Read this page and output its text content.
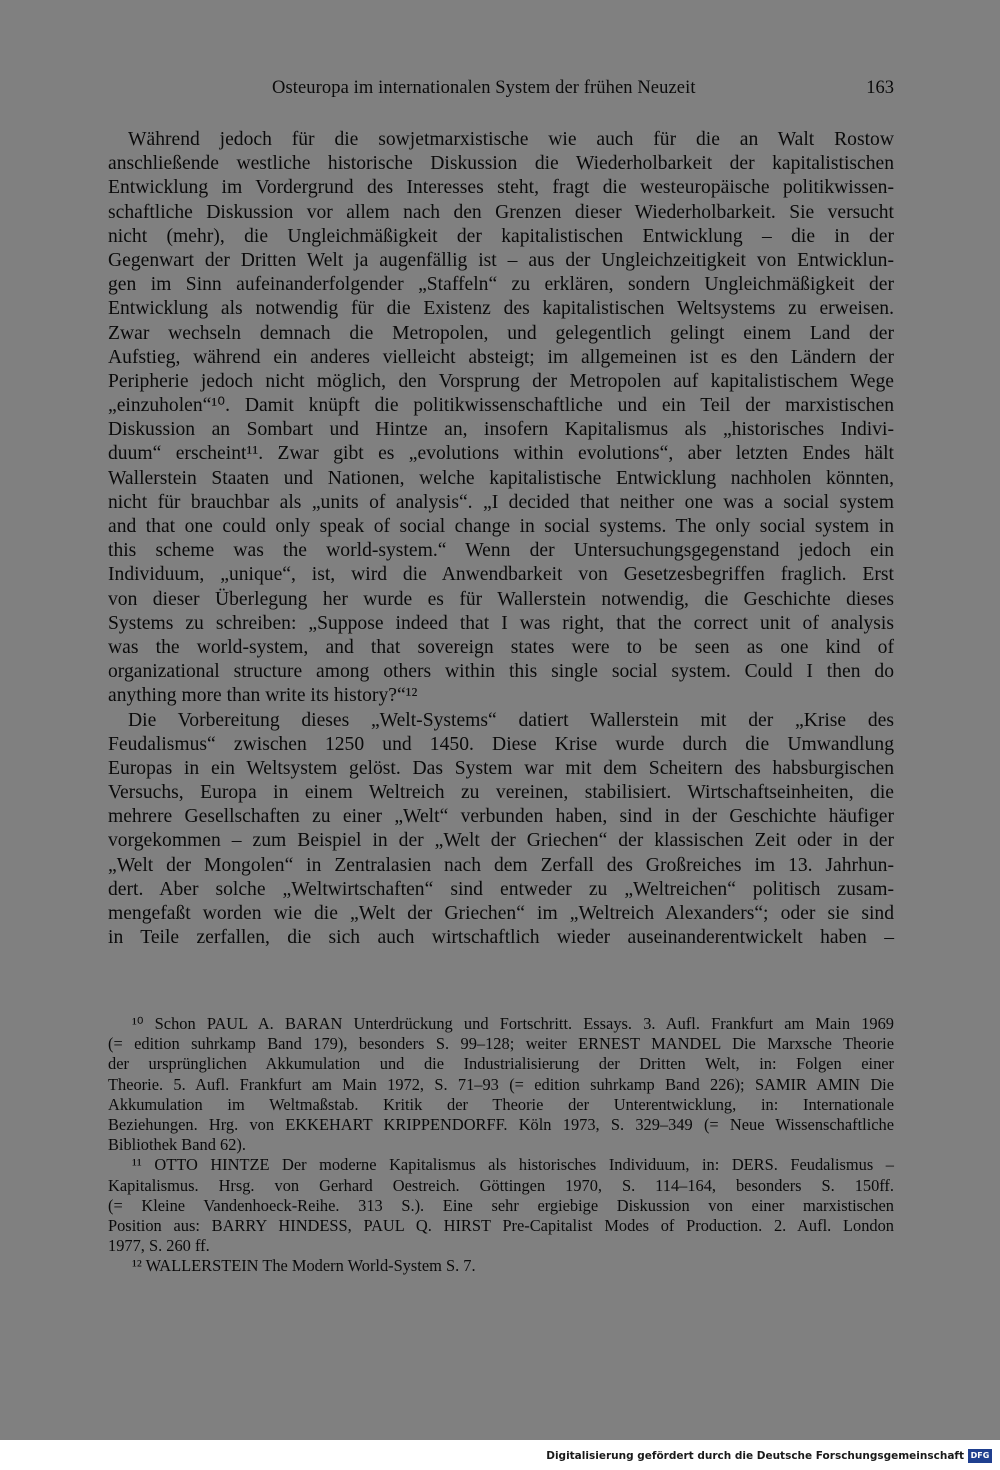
Osteuropa im internationalen System der frühen Neuzeit	163
Während jedoch für die sowjetmarxistische wie auch für die an Walt Rostow
anschließende westliche historische Diskussion die Wiederholbarkeit der kapitalistischen
Entwicklung im Vordergrund des Interesses steht, fragt die westeuropäische politikwissen-
schaftliche Diskussion vor allem nach den Grenzen dieser Wiederholbarkeit. Sie versucht
nicht (mehr), die Ungleichmäßigkeit der kapitalistischen Entwicklung – die in der
Gegenwart der Dritten Welt ja augenfällig ist – aus der Ungleichzeitigkeit von Entwicklun-
gen im Sinn aufeinanderfolgender „Staffeln“ zu erklären, sondern Ungleichmäßigkeit der
Entwicklung als notwendig für die Existenz des kapitalistischen Weltsystems zu erweisen.
Zwar wechseln demnach die Metropolen, und gelegentlich gelingt einem Land der
Aufstieg, während ein anderes vielleicht absteigt; im allgemeinen ist es den Ländern der
Peripherie jedoch nicht möglich, den Vorsprung der Metropolen auf kapitalistischem Wege
„einzuholen“¹⁰. Damit knüpft die politikwissenschaftliche und ein Teil der marxistischen
Diskussion an Sombart und Hintze an, insofern Kapitalismus als „historisches Indivi-
duum“ erscheint¹¹. Zwar gibt es „evolutions within evolutions“, aber letzten Endes hält
Wallerstein Staaten und Nationen, welche kapitalistische Entwicklung nachholen könnten,
nicht für brauchbar als „units of analysis“. „I decided that neither one was a social system
and that one could only speak of social change in social systems. The only social system in
this scheme was the world-system.“ Wenn der Untersuchungsgegenstand jedoch ein
Individuum, „unique“, ist, wird die Anwendbarkeit von Gesetzesbegriffen fraglich. Erst
von dieser Überlegung her wurde es für Wallerstein notwendig, die Geschichte dieses
Systems zu schreiben: „Suppose indeed that I was right, that the correct unit of analysis
was the world-system, and that sovereign states were to be seen as one kind of
organizational structure among others within this single social system. Could I then do
anything more than write its history?“¹²
Die Vorbereitung dieses „Welt-Systems“ datiert Wallerstein mit der „Krise des
Feudalismus“ zwischen 1250 und 1450. Diese Krise wurde durch die Umwandlung
Europas in ein Weltsystem gelöst. Das System war mit dem Scheitern des habsburgischen
Versuchs, Europa in einem Weltreich zu vereinen, stabilisiert. Wirtschaftseinheiten, die
mehrere Gesellschaften zu einer „Welt“ verbunden haben, sind in der Geschichte häufiger
vorgekommen – zum Beispiel in der „Welt der Griechen“ der klassischen Zeit oder in der
„Welt der Mongolen“ in Zentralasien nach dem Zerfall des Großreiches im 13. Jahrhun-
dert. Aber solche „Weltwirtschaften“ sind entweder zu „Weltreichen“ politisch zusam-
mengefaßt worden wie die „Welt der Griechen“ im „Weltreich Alexanders“; oder sie sind
in Teile zerfallen, die sich auch wirtschaftlich wieder auseinanderentwickelt haben –
¹⁰ Schon PAUL A. BARAN Unterdrückung und Fortschritt. Essays. 3. Aufl. Frankfurt am Main 1969
(= edition suhrkamp Band 179), besonders S. 99–128; weiter ERNEST MANDEL Die Marxsche Theorie
der ursprünglichen Akkumulation und die Industrialisierung der Dritten Welt, in: Folgen einer
Theorie. 5. Aufl. Frankfurt am Main 1972, S. 71–93 (= edition suhrkamp Band 226); SAMIR AMIN Die
Akkumulation im Weltmaßstab. Kritik der Theorie der Unterentwicklung, in: Internationale
Beziehungen. Hrg. von EKKEHART KRIPPENDORFF. Köln 1973, S. 329–349 (= Neue Wissenschaftliche
Bibliothek Band 62).
¹¹ OTTO HINTZE Der moderne Kapitalismus als historisches Individuum, in: DERS. Feudalismus –
Kapitalismus. Hrsg. von Gerhard Oestreich. Göttingen 1970, S. 114–164, besonders S. 150ff.
(= Kleine Vandenhoeck-Reihe. 313 S.). Eine sehr ergiebige Diskussion von einer marxistischen
Position aus: BARRY HINDESS, PAUL Q. HIRST Pre-Capitalist Modes of Production. 2. Aufl. London
1977, S. 260 ff.
¹² WALLERSTEIN The Modern World-System S. 7.
Digitalisierung gefördert durch die Deutsche Forschungsgemeinschaft DFG
